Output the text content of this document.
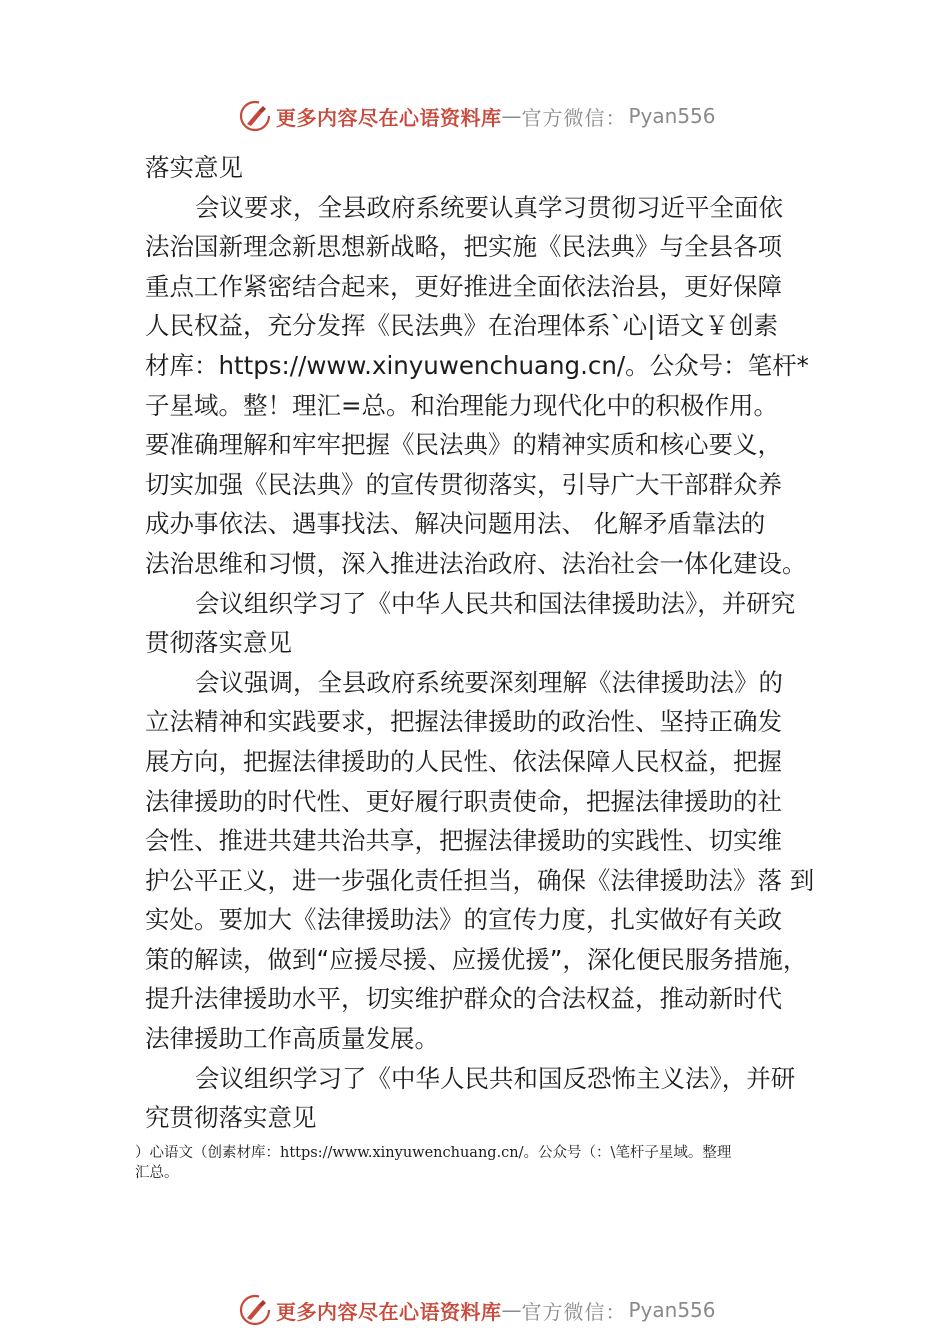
更多内容尽在心语资料库 — 官方微信： Pyan556
落实意见
会议要求，全县政府系统要认真学习贯彻习近平全面依
法治国新理念新思想新战略，把实施《民法典》与全县各项
重点工作紧密结合起来，更好推进全面依法治县，更好保障
人民权益，充分发挥《民法典》在治理体系`心|语文￥创素
材库：https://www.xinyuwenchuang.cn/。公众号：笔杆*
子星域。整！理汇=总。和治理能力现代化中的积极作用。
要准确理解和牢牢把握《民法典》的精神实质和核心要义，
切实加强《民法典》的宣传贯彻落实，引导广大干部群众养
成办事依法、遇事找法、解决问题用法、 化解矛盾靠法的
法治思维和习惯，深入推进法治政府、法治社会一体化建设。
会议组织学习了《中华人民共和国法律援助法》，并研究
贯彻落实意见
会议强调，全县政府系统要深刻理解《法律援助法》的
立法精神和实践要求，把握法律援助的政治性、坚持正确发
展方向，把握法律援助的人民性、依法保障人民权益，把握
法律援助的时代性、更好履行职责使命，把握法律援助的社
会性、推进共建共治共享，把握法律援助的实践性、切实维
护公平正义，进一步强化责任担当，确保《法律援助法》落 到
实处。要加大《法律援助法》的宣传力度，扎实做好有关政
策的解读，做到“应援尽援、应援优援”，深化便民服务措施，
提升法律援助水平，切实维护群众的合法权益，推动新时代
法律援助工作高质量发展。
会议组织学习了《中华人民共和国反恐怖主义法》，并研
究贯彻落实意见
）心语文（创素材库：https://www.xinyuwenchuang.cn/。公众号（：\笔杆子星域。整理
汇总。
更多内容尽在心语资料库 — 官方微信： Pyan556
